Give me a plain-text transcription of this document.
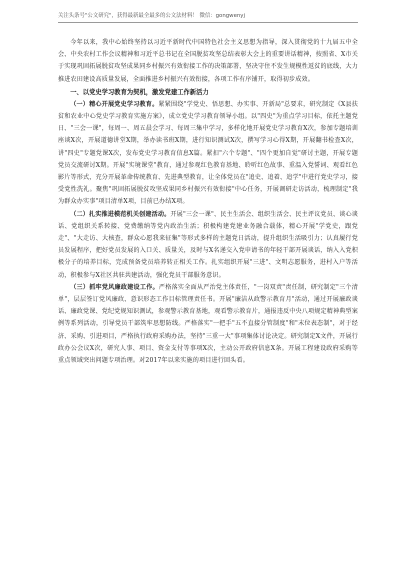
关注头条号"公文研究"，获得最新最全最多的公文法材料！ 微信：gongwenyj

今年以来，我中心始终坚持以习近平新时代中国特色社会主义思想为指导，深入贯彻党的十九届五中全会、中央农村工作会议精神和习近平总书记在全国脱贫攻坚总结表彰大会上的重要讲话精神，按照省、X市关于实现巩固拓展脱贫攻坚成果同乡村振兴有效衔接工作的决策部署，坚决守住不发生规模性返贫的底线，大力推进农田建设高质量发展，全面推进乡村振兴有效衔接，各项工作有序铺开，取得初步成效。

一、以党史学习教育为契机，激发党建工作新活力

（一）精心开展党史学习教育。紧紧围绕"学党史、悟思想、办实事、开新局"总要求，研究制定《X县扶贫和农业中心党史学习教育实施方案》，成立党史学习教育领导小组。以"四史"为重点学习目标，依托主题党日、"三会一课"，每周一、周五晨会学习、每周三集中学习，多样化地开展党史学习教育X次，参加专题培训座谈X次，开展道德讲堂X期，举办读书班X期，进行知识测试X次，撰写学习心得X期，开展翻书检查X次，讲"四史"专题党课X次，发布党史学习教育信息X篇。紧扣"六个专题"、"四个更加自觉"研讨主题，开展专题党员交流研讨X期。开展"实境课堂"教育，通过参观红色教育基地、聆听红色故事、重温入党誓词、观看红色影片等形式，充分开展革命传统教育、先进典型教育，让全体党员在"追史、追着、追学"中进行党史学习，接受党性洗礼。聚焦"巩固拓展脱贫攻坚成果同乡村振兴有效衔接"中心任务，开展调研走访活动，梳理制定"我为群众办实事"项目清单X项，目前已办结X项。

（二）扎实推进模范机关创建活动。开展"三会一课"、民主生活会、组织生活会、民主评议党员、谈心谈话、党组织关系转接、党费缴纳等党内政治生活；积极构建党建业务融合载体，精心开展"学党史，跟党走"、"大走访、大核查，群众心愿我来征集"等形式多样的主题党日活动，提升组织生活吸引力；认真履行党员发展程序，把好党员发展的入口关、质量关，及时与X名递交入党申请书的年轻干部开展谈话，纳入入党积极分子的培养目标，完成预备党员培养转正相关工作。扎实组织开展"三进"、文明志愿服务，进村入户等活动，积极参与X社区共驻共建活动，强化党员干部服务意识。

（三）抓牢党风廉政建设工作。严格落实全面从严治党主体责任，"一岗双责"责任制，研究制定"三个清单"，层层签订党风廉政、意识形态工作目标管理责任书。开展"廉洁从政警示教育月"活动，通过开展廉政谈话、廉政党课、党纪党规知识测试，参观警示教育基地，观看警示教育片，通报违反中央八项规定精神典型案例等系列活动，引导党员干部筑牢思想防线。严格落实"一把手"五不直接分管制度"和"末位表态制"，对于经济、采购、引进项目，严格执行政府采购办法，坚持"三重一大"事项集体讨论决定。研究制定X文件，开展行政办公会议X次，研究人事、项目、资金支付等事项X次，主动公开政府信息X条。开展工程建设政府采购等重点领域突出问题专项治理。对2017年以来实施的项目进行回头看。
